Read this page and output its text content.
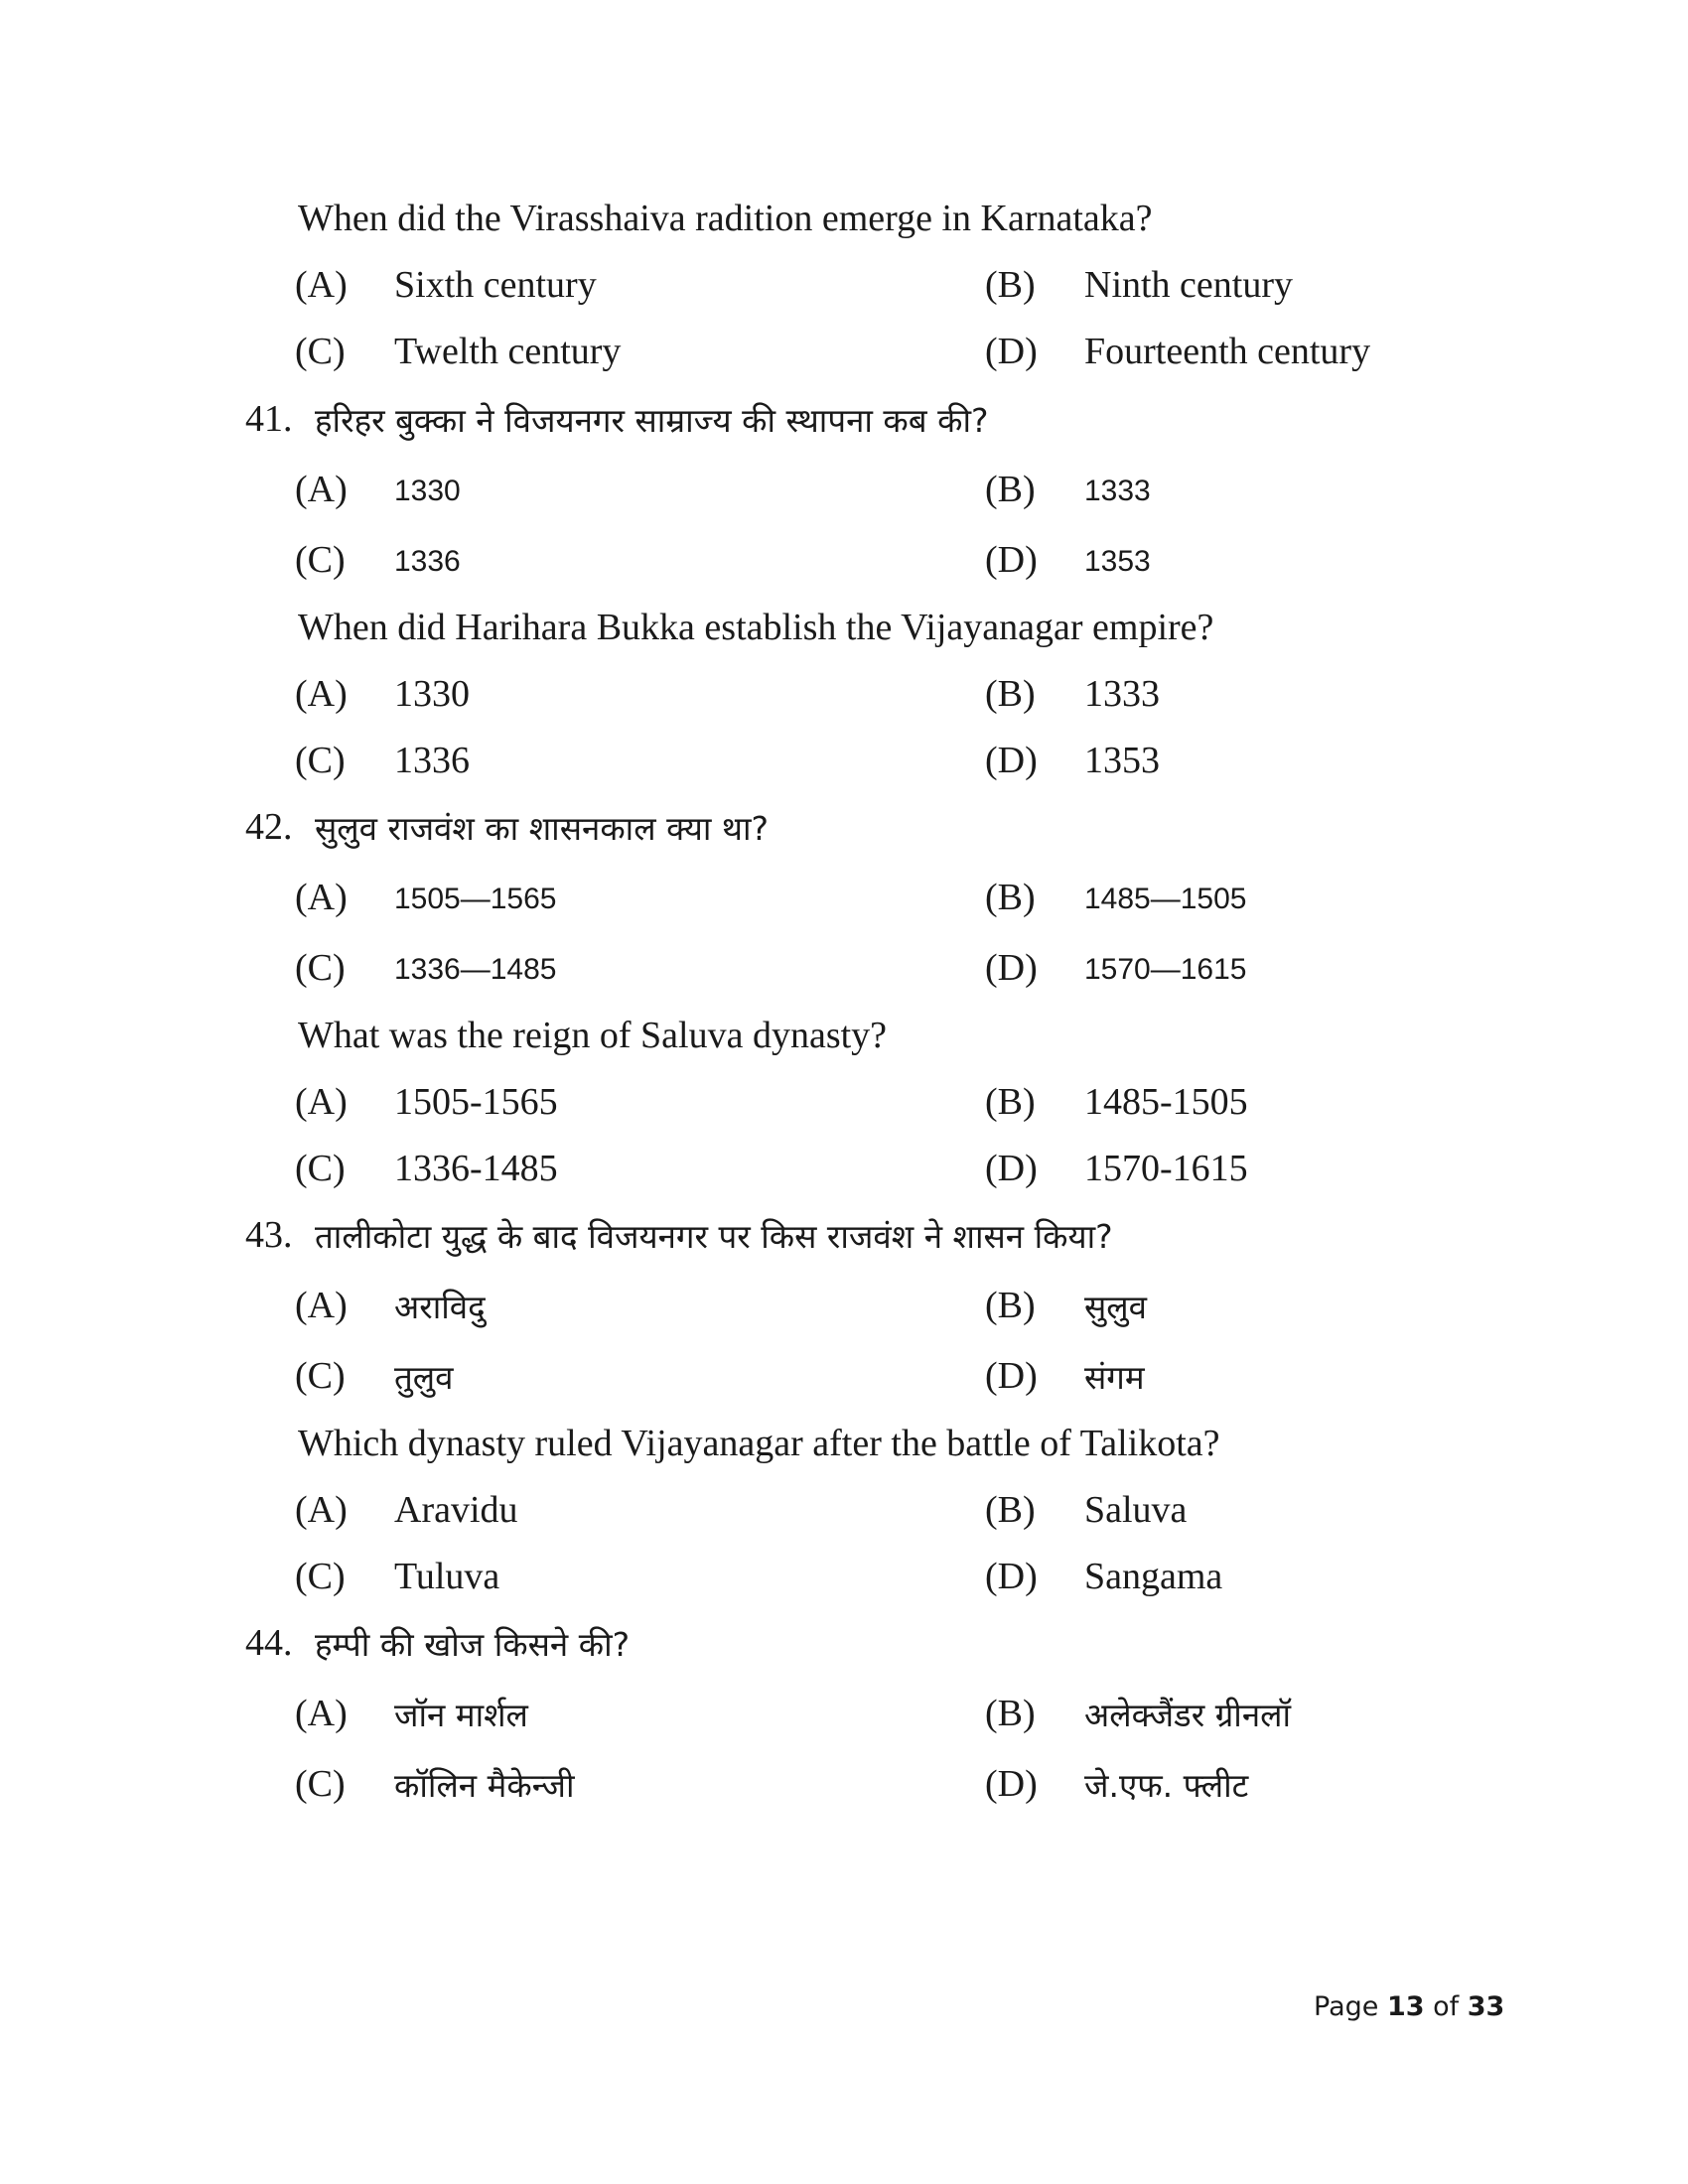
When did the Virasshaiva radition emerge in Karnataka?
(A) Sixth century	(B) Ninth century
(C) Twelth century	(D) Fourteenth century
41. हरिहर बुक्का ने विजयनगर साम्राज्य की स्थापना कब की?
(A) 1330	(B) 1333
(C) 1336	(D) 1353
When did Harihara Bukka establish the Vijayanagar empire?
(A) 1330	(B) 1333
(C) 1336	(D) 1353
42. सुलुव राजवंश का शासनकाल क्या था?
(A) 1505—1565	(B) 1485—1505
(C) 1336—1485	(D) 1570—1615
What was the reign of Saluva dynasty?
(A) 1505-1565	(B) 1485-1505
(C) 1336-1485	(D) 1570-1615
43. तालीकोटा युद्ध के बाद विजयनगर पर किस राजवंश ने शासन किया?
(A) अराविदु	(B) सुलुव
(C) तुलुव	(D) संगम
Which dynasty ruled Vijayanagar after the battle of Talikota?
(A) Aravidu	(B) Saluva
(C) Tuluva	(D) Sangama
44. हम्पी की खोज किसने की?
(A) जॉन मार्शल	(B) अलेक्जैंडर ग्रीनलॉ
(C) कॉलिन मैकेन्जी	(D) जे.एफ. फ्लीट
Page 13 of 33
